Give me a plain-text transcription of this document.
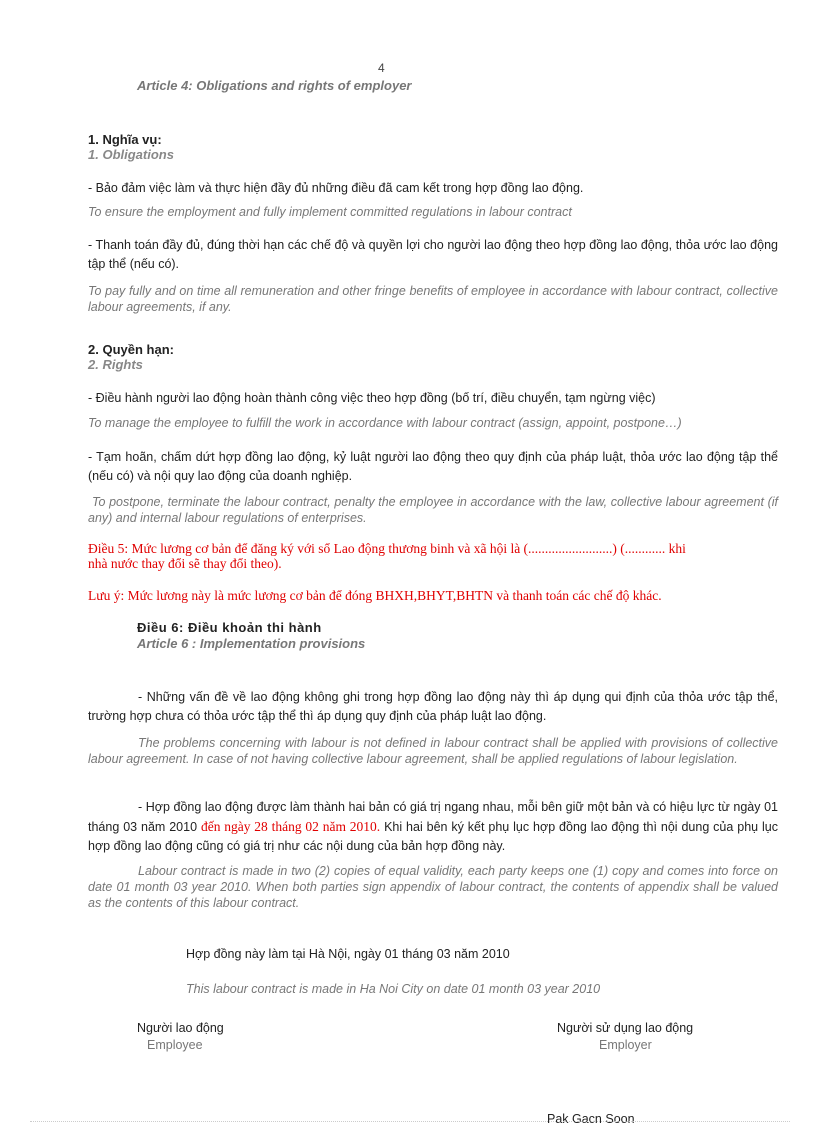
4
Article 4: Obligations and rights of employer
1. Nghĩa vụ:
1. Obligations
- Bảo đảm việc làm và thực hiện đầy đủ những điều đã cam kết trong hợp đồng lao động.
To ensure the employment and fully implement committed regulations in labour contract
- Thanh toán đầy đủ, đúng thời hạn các chế độ và quyền lợi cho người lao động theo hợp đồng lao động, thỏa ước lao động tập thể (nếu có).
To pay fully and on time all remuneration and other fringe benefits of employee in accordance with labour contract, collective labour agreements, if any.
2. Quyền hạn:
2. Rights
- Điều hành người lao động hoàn thành công việc theo hợp đồng (bố trí, điều chuyển, tạm ngừng việc)
To manage the employee to fulfill the work in accordance with labour contract (assign, appoint, postpone…)
- Tạm hoãn, chấm dứt hợp đồng lao động, kỷ luật người lao động theo quy định của pháp luật, thỏa ước lao động tập thể (nếu có) và nội quy lao động của doanh nghiệp.
To postpone, terminate the labour contract, penalty the employee in accordance with the law, collective labour agreement (if any) and internal labour regulations of enterprises.
Điều 5: Mức lương cơ bản để đăng ký với sổ Lao động thương binh và xã hội là (.........................) (............ khi
nhà nước thay đổi sẽ thay đổi theo).
Lưu ý: Mức lương này là mức lương cơ bản để đóng BHXH,BHYT,BHTN và thanh toán các chế độ khác.
Điều 6: Điều khoản thi hành
Article 6 : Implementation provisions
- Những vấn đề về lao động không ghi trong hợp đồng lao động này thì áp dụng qui định của thỏa ước tập thể, trường hợp chưa có thỏa ước tập thể thì áp dụng quy định của pháp luật lao động.
The problems concerning with labour is not defined in labour contract shall be applied with provisions of collective labour agreement. In case of not having collective labour agreement, shall be applied regulations of labour legislation.
- Hợp đồng lao động được làm thành hai bản có giá trị ngang nhau, mỗi bên giữ một bản và có hiệu lực từ ngày 01 tháng 03 năm 2010 đến ngày 28 tháng 02 năm 2010. Khi hai bên ký kết phụ lục hợp đồng lao động thì nội dung của phụ lục hợp đồng lao động cũng có giá trị như các nội dung của bản hợp đồng này.
Labour contract is made in two (2) copies of equal validity, each party keeps one (1) copy and comes into force on date 01 month 03 year 2010. When both parties sign appendix of labour contract, the contents of appendix shall be valued as the contents of this labour contract.
Hợp đồng này làm tại Hà Nội, ngày 01 tháng 03 năm 2010
This labour contract is made in Ha Noi City on date 01 month 03 year 2010
Người lao động
Employee
Người sử dụng lao động
Employer
Pak Gacn Soon
